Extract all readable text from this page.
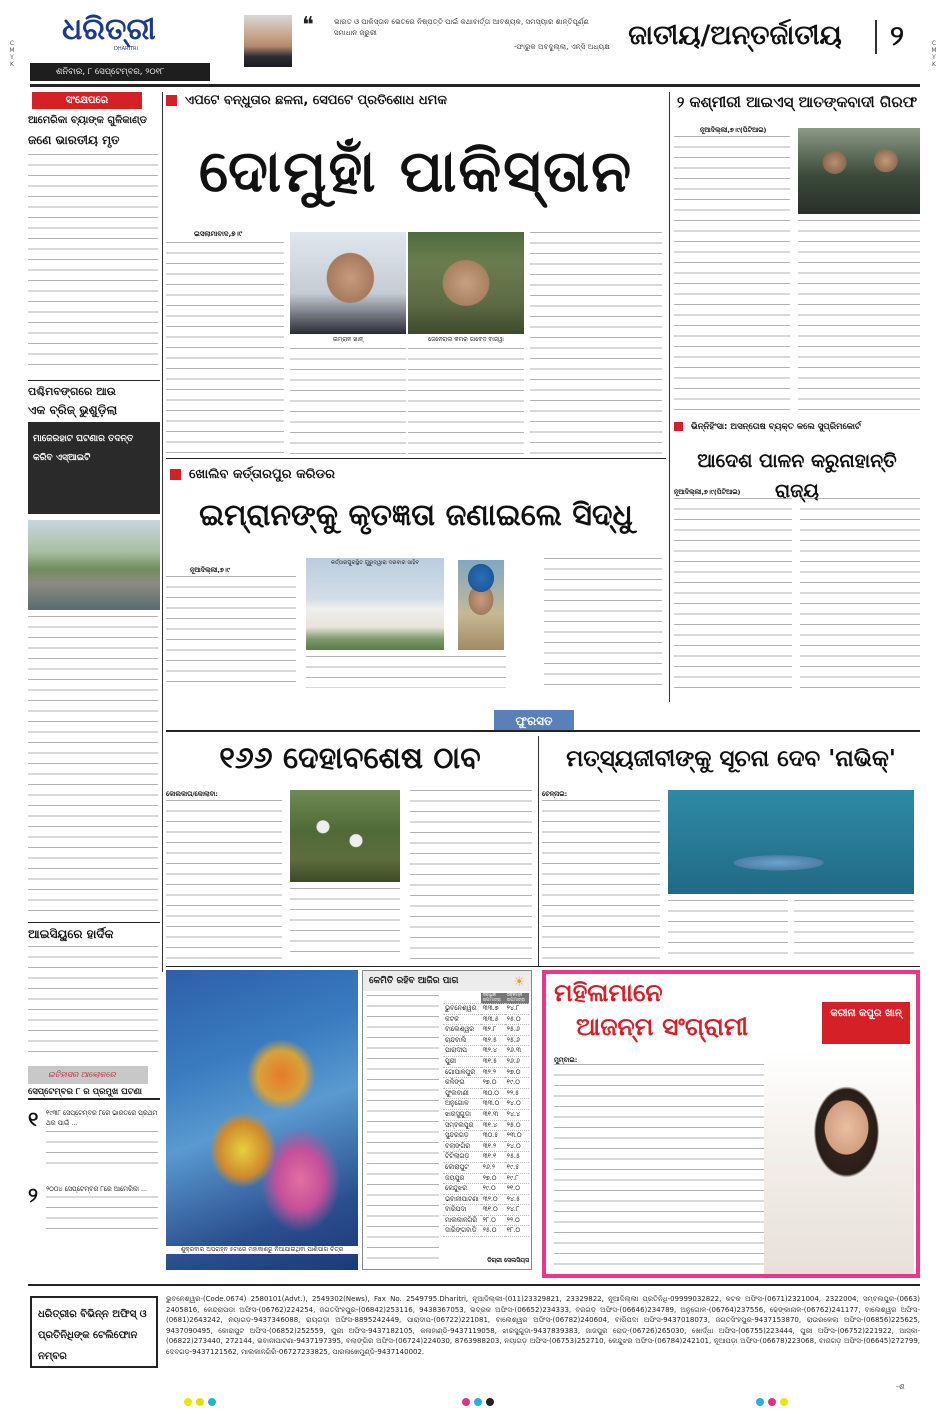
C
M
Y
K
ଧରିତ୍ରୀ
DHARITRI
ଶନିବାର, ୮ ସେପ୍ଟେମ୍ବର, ୨୦୧୮
❝	ଭାରତ ଓ ପାକିସ୍ତାନ ଭେତରେ ନିଷ୍ପତ୍ତି ପାଇଁ କଥାବାର୍ତ୍ତା ଆବଶ୍ୟକ, ସମସ୍ୟାର ଶାନ୍ତିପୂର୍ଣ୍ଣ ସମାଧାନ ଜରୁରୀ
-ଫାରୁକ ଅବଦୁଲ୍ଲା, ଏନ୍‌ସି ଅଧ୍ୟକ୍ଷ ଜାତୀୟ/ଅନ୍ତର୍ଜାତୀୟ	୨
ସଂକ୍ଷେପରେ
ଆମେରିକା ବ୍ୟାଙ୍କ ଗୁଳିକାଣ୍ଡ
ଜଣେ ଭାରତୀୟ ମୃତ
ପଶ୍ଚିମବଙ୍ଗରେ ଆଉ
ଏକ ବ୍ରିଜ୍ ଭୁଶୁଡ଼ିଲା
ମାଜେରହାଟ ଘଟଣାର ତଦନ୍ତ କରିବ ଏସ୍‌ଆଇଟି
ଆଇସିୟୁରେ ହାର୍ଦିକ
ଇତିହାସର ଆଲୋକରେ
ସେପ୍ଟେମ୍ବର ୮ ର ପ୍ରମୁଖ ଘଟଣା
୧ ୧୯୩୮ ସେପ୍ଟେମ୍ବର ୮ରେ ଭାରତରେ ପ୍ରଥମ ଥର ପାଇଁ ...
୨ ୨୦୦୪ ସେପ୍ଟେମ୍ବର ୮ରେ ଆମେରିକା ...
ଏପଟେ ବନ୍ଧୁତାର ଛଳନା, ସେପଟେ ପ୍ରତିଶୋଧ ଧମକ
ଦୋମୁହାଁ ପାକିସ୍ତାନ
ଇସଲାମାବାଦ,୭।୯
ଇମ୍ରାନ ଖାନ୍	ଜେନେରାଲ କମର ଜାବେଦ ବାଜୱା
୨ କଶ୍ମୀରୀ ଆଇଏସ୍ ଆତଙ୍କବାଦୀ ଗିରଫ
ନୂଆଦିଲ୍ଲୀ,୭।୯(ପିଟିଆଇ)
ଭିନ୍ନିହିଂସା: ଅସନ୍ତୋଷ ବ୍ୟକ୍ତ କଲେ ସୁପ୍ରିମକୋର୍ଟ
ଆଦେଶ ପାଳନ କରୁନାହାନ୍ତି ରାଜ୍ୟ
ନୂଆଦିଲ୍ଲୀ,୭।୯(ପିଟିଆଇ)
ଖୋଲିବ କର୍ତ୍ତାରପୁର କରିଡର
ଇମ୍ରାନଙ୍କୁ କୃତଜ୍ଞତା ଜଣାଇଲେ ସିଦ୍ଧୁ
ନୂଆଦିଲ୍ଲୀ,୭।୯
କର୍ତ୍ତାରପୁରସ୍ଥିତ ଗୁରୁଦ୍ୱାରା ଦରବାର ସାହିବ
ଫୁରସତ
୧୬୬ ଦେହାବଶେଷ ଠାବ
କୋଲକାତା/କୋଲାବା:
ମତ୍ସ୍ୟଜୀବୀଙ୍କୁ ସୂଚନା ଦେବ 'ନାଭିକ୍'
ଚେନ୍ନାଇ:
ଶୁକ୍ରବାର ଅପରାହ୍ନ ୫ଟାରେ ମହାକାଶରୁ ନିଆଯାଇଥିବା ପାଣିପାଗ ଚିତ୍ର
କେମିତି ରହିବ ଆଜିର ପାଗ	☀
	ସର୍ବାଧିକ ତାପମାତ୍ରା	ସର୍ବନିମ୍ନ ତାପମାତ୍ରା
ଭୁବନେଶ୍ୱର	୩୩.୭	୨୪.୮
କଟକ	୩୩.୫	୨୫.୦
ବାଲେଶ୍ୱର	୩୨.୮	୨୫.୬
ଚାନ୍ଦବାଲି	୩୨.୫	୨୫.୬
ପାରାଦୀପ	୩୨.୪	୨୬.୩
ପୁରୀ	୩୧.୫	୨୬.୬
ଗୋପାଳପୁର	୩୨.୨	୨୭.୦
କଳିଙ୍ଗ	୨୭.୦	୧୯.୦
ଫୁଲବାଣୀ	୩୦.୦	୨୨.୫
ଅନୁଗୋଳ	୩୩.୦	୨୪.୦
ଝାରସୁଗୁଡ଼ା	୩୧.୩	୨୪.୪
ସମ୍ବଲପୁର	୩୧.୪	୨୫.୦
ସୁନ୍ଦରଗଡ଼	୩୦.୫	୨୩.୦
ବଲାଙ୍ଗିର	୩୧.୨	୨୪.୦
ଟିଟିଲାଗଡ଼	୩୧.୧	୨୫.୫
କୋରାପୁଟ	୨୬.୨	୧୯.୫
ଜୟପୁର	୨୭.୦	୧୯.୮
କେନ୍ଦୁଝର	୨୯.୦	୨୧.୦
ଭବାନୀପାଟଣା	୩୨.୦	୨୪.୫
ବାରିପଦା	୩୧.୦	୨୪.୮
ମାଲକାନଗିରି	୨୮.୦	୨୨.୦
ଦାରିଙ୍ଗବାଡ଼ି	୨୫.୦	୧୮.୦
ଡିଗ୍ରୀ ସେଲସିୟସ
ମହିଳାମାନେ
ଆଜନ୍ମ ସଂଗ୍ରାମୀ	କରୀନା କପୁର ଖାନ୍
ମୁମ୍ବାଇ:
ଧରିତ୍ରୀର ବିଭିନ୍ନ ଅଫିସ୍ ଓ ପ୍ରତିନିଧିଙ୍କ ଟେଲିଫୋନ ନମ୍ବର
ଭୁବନେଶ୍ୱର-(Code.0674) 2580101(Advt.), 2549302(News), Fax No. 2549795.Dharitri, ନୂଆଦିଲ୍ଲୀ-(011)23329821, 23329822, ନୂଆଦିଲ୍ଲୀ ପ୍ରତିନିଧି-09999032822, କଟକ ଅଫିସ-(0671)2321004, 2322004, ସମ୍ବଲପୁର-(0663) 2405816, କେନ୍ଦ୍ରାପଡ଼ା ଅଫିସ-(06762)224254, ଜଗତସିଂହପୁର-(06842)253116, 9438367053, ଭଦ୍ରକ ଅଫିସ-(06652)234333, ବରଗଡ଼ ଅଫିସ-(06646)234789, ଅନୁଗୋଳ-(06764)237556, ଢେଙ୍କାନାଳ-(06762)241177, ବାଲେଶ୍ୱର ଅଫିସ-(0681)2643242, ନୟାଗଡ଼-9437346088, ରାୟଗଡ଼ା ଅଫିସ-8895242449, ପାରାଦୀପ-(06722)221081, ବାଲେଶ୍ୱର ଅଫିସ-(06782)240604, ବାରିପଦା ଅଫିସ-9437018073, ଜଗତସିଂହପୁର-9437153870, ରାଉରକେଲା ଅଫିସ-(06856)225625, 9437090495, କୋରାପୁଟ ଅଫିସ-(06852)252559, ପୁରୀ ଅଫିସ-9437182105, କଳାହାଣ୍ଡି-9437119058, ଝାରସୁଗୁଡ଼ା-9437839383, ଜାଜପୁର ରୋଡ୍-(06726)265030, ଖୋର୍ଦ୍ଧା ଅଫିସ-(06755)223444, ପୁରୀ ଅଫିସ-(06752)221922, ଆସ୍କା-(06822)273440, 272144, ଭବାନୀପାଟଣା-9437197395, ବଲାଙ୍ଗିର ଅଫିସ-(06724)224030, 8763988203, ନୟାଗଡ଼ ଅଫିସ-(06753)252710, କେନ୍ଦୁଝର ଅଫିସ-(06784)242101, ନୂଆପଡ଼ା ଅଫିସ-(06678)223068, ବାରଗଡ଼ ଅଫିସ-(06645)272799, ଦେବଗଡ଼-9437121562, ମାଲକାନଗିରି-06727233825, ପାରଳାଖେମୁଣ୍ଡି-9437140002.
-ଶ
C
M
Y
K
